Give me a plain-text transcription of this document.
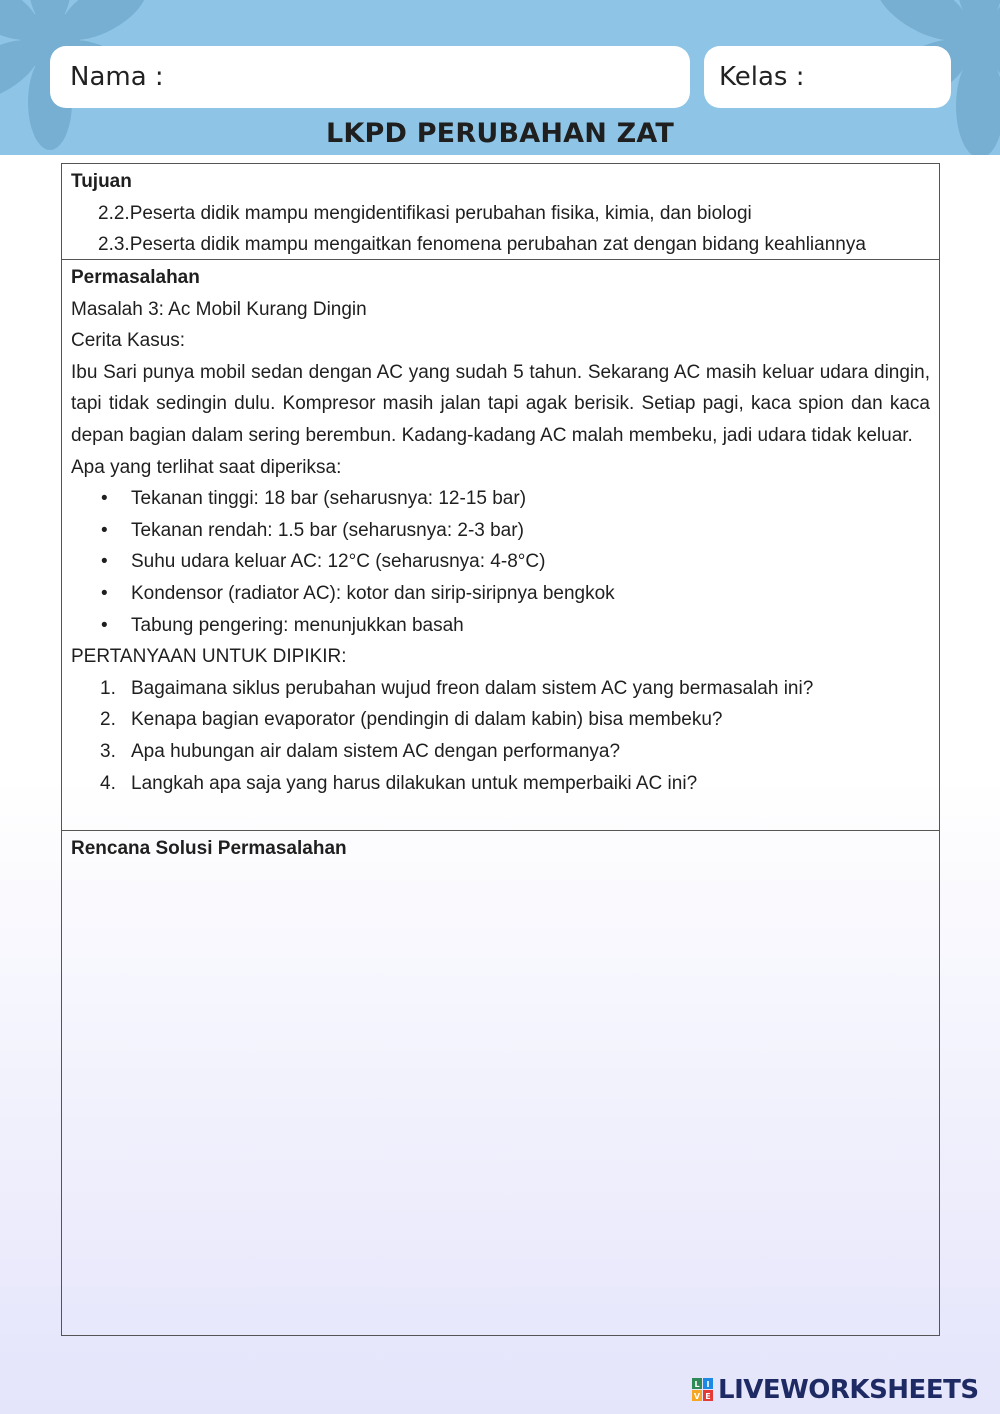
Nama :	Kelas :
LKPD PERUBAHAN ZAT
Tujuan
2.2.Peserta didik mampu mengidentifikasi perubahan fisika, kimia, dan biologi
2.3.Peserta didik mampu mengaitkan fenomena perubahan zat dengan bidang keahliannya
Permasalahan
Masalah 3: Ac Mobil Kurang Dingin
Cerita Kasus:
Ibu Sari punya mobil sedan dengan AC yang sudah 5 tahun. Sekarang AC masih keluar udara dingin, tapi tidak sedingin dulu. Kompresor masih jalan tapi agak berisik. Setiap pagi, kaca spion dan kaca depan bagian dalam sering berembun. Kadang-kadang AC malah membeku, jadi udara tidak keluar.
Apa yang terlihat saat diperiksa:
• Tekanan tinggi: 18 bar (seharusnya: 12-15 bar)
• Tekanan rendah: 1.5 bar (seharusnya: 2-3 bar)
• Suhu udara keluar AC: 12°C (seharusnya: 4-8°C)
• Kondensor (radiator AC): kotor dan sirip-siripnya bengkok
• Tabung pengering: menunjukkan basah
PERTANYAAN UNTUK DIPIKIR:
1. Bagaimana siklus perubahan wujud freon dalam sistem AC yang bermasalah ini?
2. Kenapa bagian evaporator (pendingin di dalam kabin) bisa membeku?
3. Apa hubungan air dalam sistem AC dengan performanya?
4. Langkah apa saja yang harus dilakukan untuk memperbaiki AC ini?
Rencana Solusi Permasalahan
L I
V E LIVEWORKSHEETS
